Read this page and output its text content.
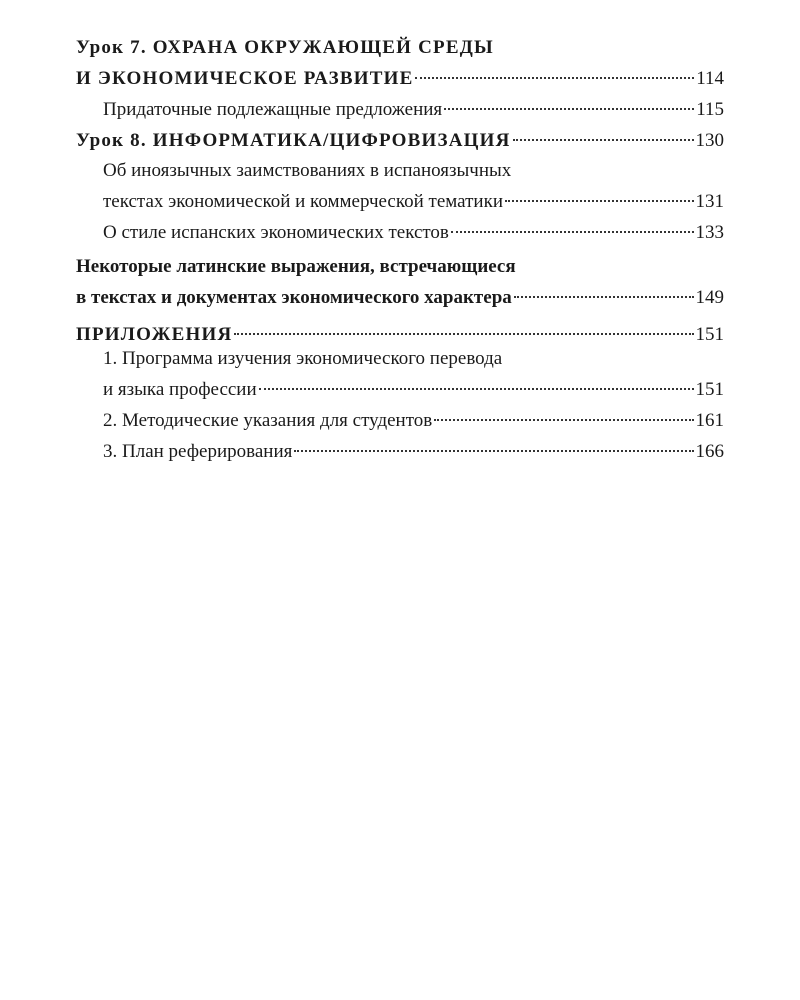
Урок 7. ОХРАНА ОКРУЖАЮЩЕЙ СРЕДЫ
И ЭКОНОМИЧЕСКОЕ РАЗВИТИЕ	114
Придаточные подлежащные предложения	115
Урок 8. ИНФОРМАТИКА/ЦИФРОВИЗАЦИЯ	130
Об иноязычных заимствованиях в испаноязычных
текстах экономической и коммерческой тематики	131
О стиле испанских экономических текстов	133
Некоторые латинские выражения, встречающиеся
в текстах и документах экономического характера	149
ПРИЛОЖЕНИЯ	151
1. Программа изучения экономического перевода
и языка профессии	151
2. Методические указания для студентов	161
3. План реферирования	166
